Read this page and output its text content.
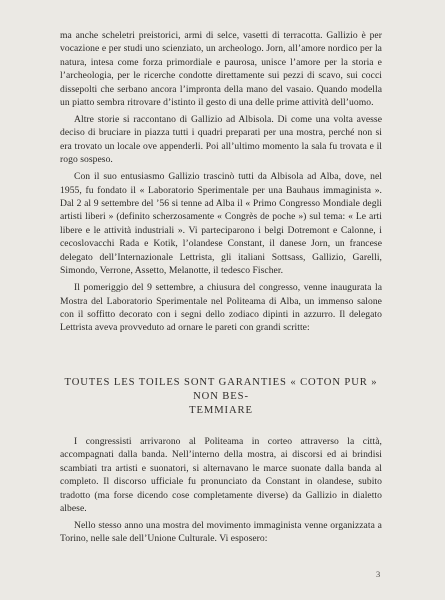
ma anche scheletri preistorici, armi di selce, vasetti di terracotta. Gallizio è per vocazione e per studi uno scienziato, un archeologo. Jorn, all’amore nordico per la natura, intesa come forza primordiale e paurosa, unisce l’amore per la storia e l’archeologia, per le ricerche condotte direttamente sui pezzi di scavo, sui cocci dissepolti che serbano ancora l’impronta della mano del vasaio. Quando modella un piatto sembra ritrovare d’istinto il gesto di una delle prime attività dell’uomo.

Altre storie si raccontano di Gallizio ad Albisola. Di come una volta avesse deciso di bruciare in piazza tutti i quadri preparati per una mostra, perché non si era trovato un locale ove appenderli. Poi all’ultimo momento la sala fu trovata e il rogo sospeso.

Con il suo entusiasmo Gallizio trascinò tutti da Albisola ad Alba, dove, nel 1955, fu fondato il « Laboratorio Sperimentale per una Bauhaus immaginista ». Dal 2 al 9 settembre del ’56 si tenne ad Alba il « Primo Congresso Mondiale degli artisti liberi » (definito scherzosamente « Congrès de poche ») sul tema: « Le arti libere e le attività industriali ». Vi parteciparono i belgi Dotremont e Calonne, i cecoslovacchi Rada e Kotik, l’olandese Constant, il danese Jorn, un francese delegato dell’Internazionale Lettrista, gli italiani Sottsass, Gallizio, Garelli, Simondo, Verrone, Assetto, Melanotte, il tedesco Fischer.

Il pomeriggio del 9 settembre, a chiusura del congresso, venne inaugurata la Mostra del Laboratorio Sperimentale nel Politeama di Alba, un immenso salone con il soffitto decorato con i segni dello zodiaco dipinti in azzurro. Il delegato Lettrista aveva provveduto ad ornare le pareti con grandi scritte:

TOUTES LES TOILES SONT GARANTIES « COTON PUR »
NON BES-
TEMMIARE

I congressisti arrivarono al Politeama in corteo attraverso la città, accompagnati dalla banda. Nell’interno della mostra, ai discorsi ed ai brindisi scambiati tra artisti e suonatori, si alternavano le marce suonate dalla banda al completo. Il discorso ufficiale fu pronunciato da Constant in olandese, subito tradotto (ma forse dicendo cose completamente diverse) da Gallizio in dialetto albese.

Nello stesso anno una mostra del movimento immaginista venne organizzata a Torino, nelle sale dell’Unione Culturale. Vi esposero:

3
